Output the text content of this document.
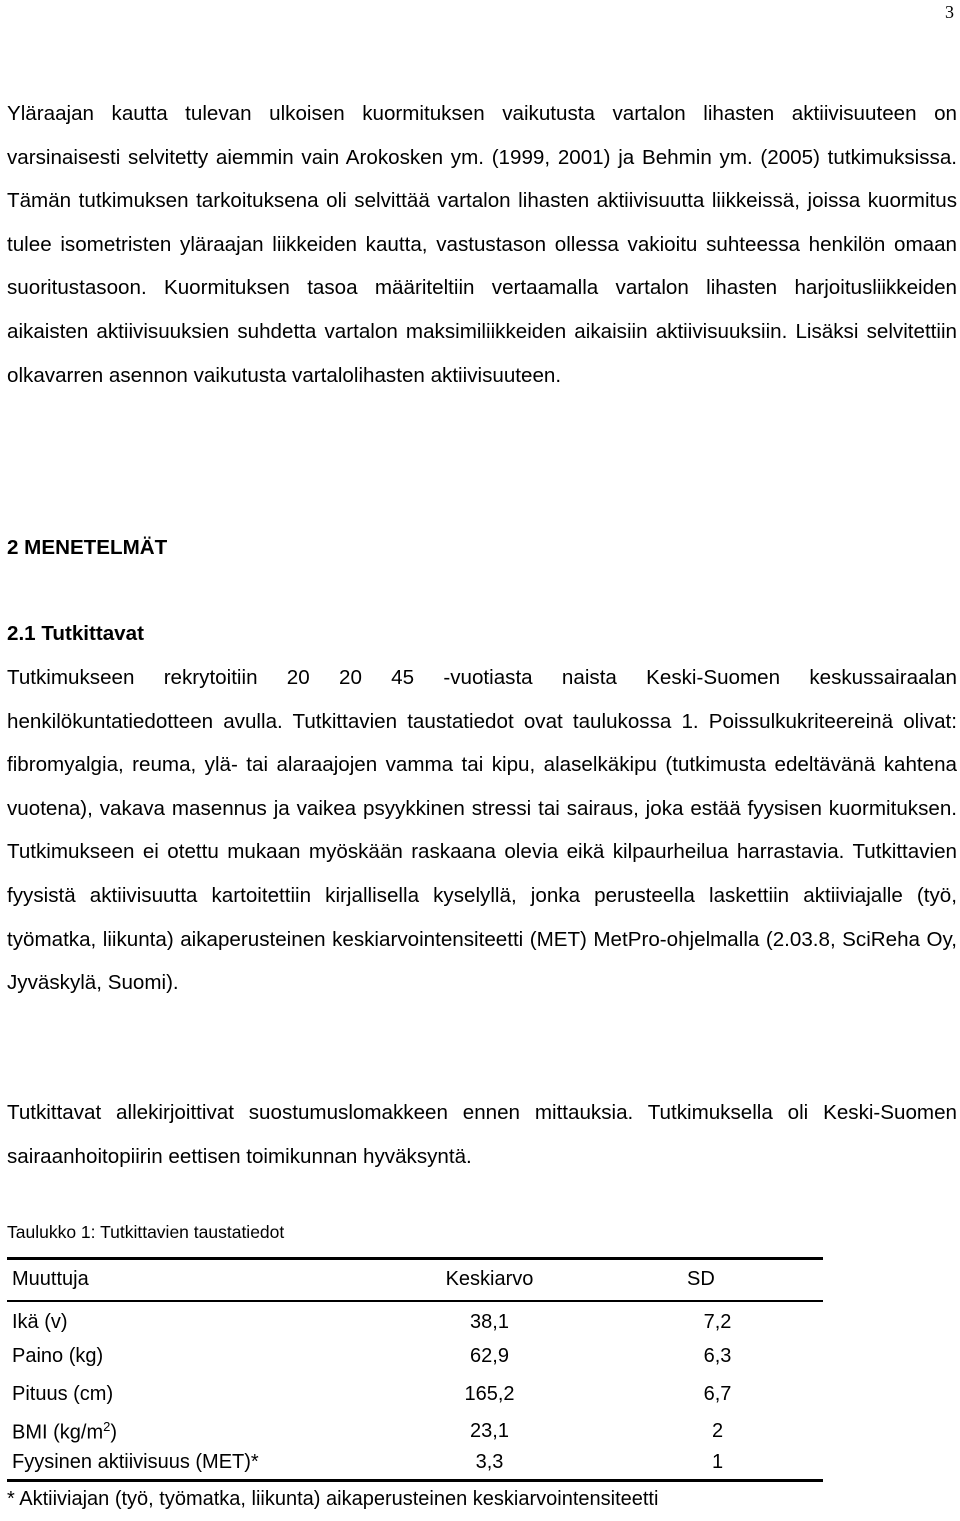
3

Yläraajan kautta tulevan ulkoisen kuormituksen vaikutusta vartalon lihasten aktiivisuuteen on varsinaisesti selvitetty aiemmin vain Arokosken ym. (1999, 2001) ja Behmin ym. (2005) tutkimuksissa. Tämän tutkimuksen tarkoituksena oli selvittää vartalon lihasten aktiivisuutta liikkeissä, joissa kuormitus tulee isometristen yläraajan liikkeiden kautta, vastustason ollessa vakioitu suhteessa henkilön omaan suoritustasoon. Kuormituksen tasoa määriteltiin vertaamalla vartalon lihasten harjoitusliikkeiden aikaisten aktiivisuuksien suhdetta vartalon maksimiliikkeiden aikaisiin aktiivisuuksiin. Lisäksi selvitettiin olkavarren asennon vaikutusta vartalolihasten aktiivisuuteen.

2 MENETELMÄT
2.1 Tutkittavat

Tutkimukseen rekrytoitiin 20 20 45 -vuotiasta naista Keski-Suomen keskussairaalan henkilökuntatiedotteen avulla. Tutkittavien taustatiedot ovat taulukossa 1. Poissulkukriteereinä olivat: fibromyalgia, reuma, ylä- tai alaraajojen vamma tai kipu, alaselkäkipu (tutkimusta edeltävänä kahtena vuotena), vakava masennus ja vaikea psyykkinen stressi tai sairaus, joka estää fyysisen kuormituksen. Tutkimukseen ei otettu mukaan myöskään raskaana olevia eikä kilpaurheilua harrastavia. Tutkittavien fyysistä aktiivisuutta kartoitettiin kirjallisella kyselyllä, jonka perusteella laskettiin aktiiviajalle (työ, työmatka, liikunta) aikaperusteinen keskiarvointensiteetti (MET) MetPro-ohjelmalla (2.03.8, SciReha Oy, Jyväskylä, Suomi).

Tutkittavat allekirjoittivat suostumuslomakkeen ennen mittauksia. Tutkimuksella oli Keski-Suomen sairaanhoitopiirin eettisen toimikunnan hyväksyntä.

Taulukko 1: Tutkittavien taustatiedot
Muuttuja	Keskiarvo	SD
Ikä (v)	38,1	7,2
Paino (kg)	62,9	6,3
Pituus (cm)	165,2	6,7
BMI $(kg/m^2)$	23,1	2
Fyysinen aktiivisuus (MET)*	3,3	1
* Aktiiviajan (työ, työmatka, liikunta) aikaperusteinen keskiarvointensiteetti
